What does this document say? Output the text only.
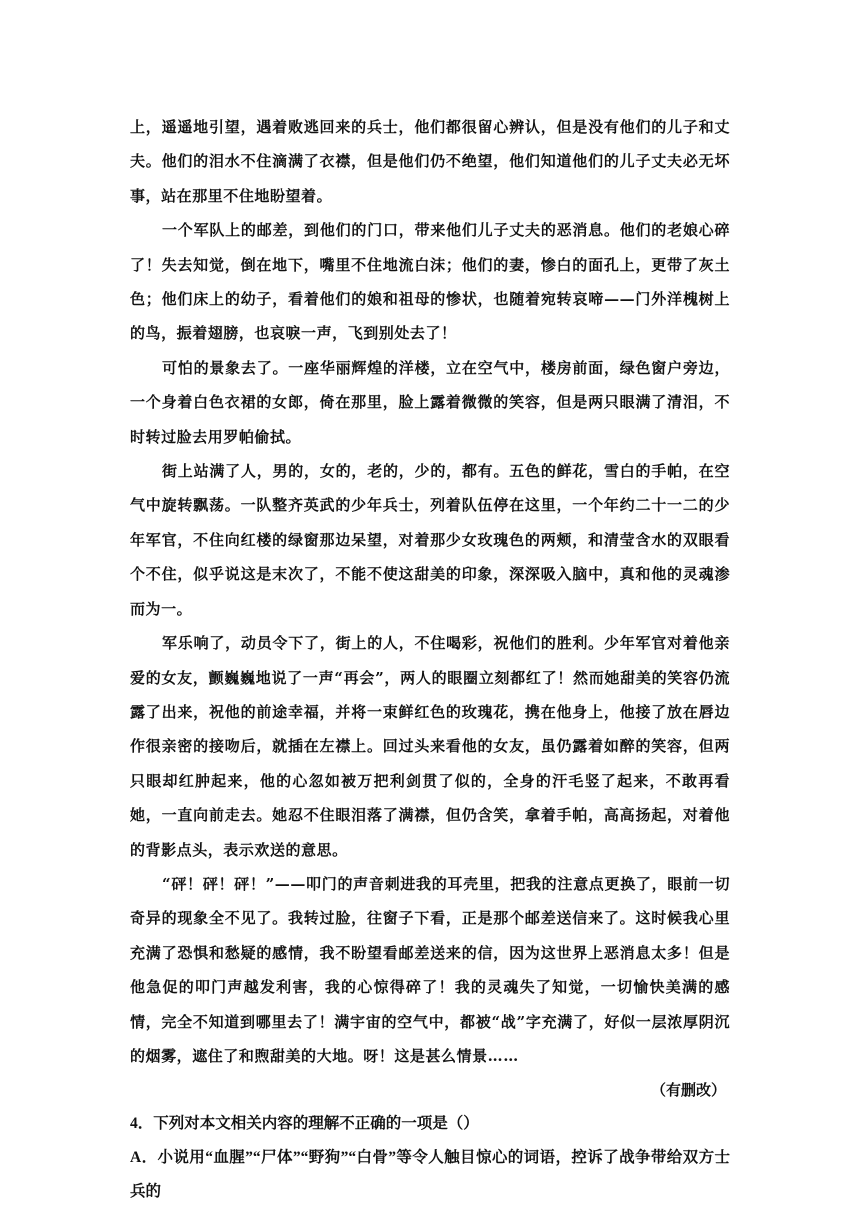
上，遥遥地引望，遇着败逃回来的兵士，他们都很留心辨认，但是没有他们的儿子和丈夫。他们的泪水不住滴满了衣襟，但是他们仍不绝望，他们知道他们的儿子丈夫必无坏事，站在那里不住地盼望着。

一个军队上的邮差，到他们的门口，带来他们儿子丈夫的恶消息。他们的老娘心碎了！失去知觉，倒在地下，嘴里不住地流白沫；他们的妻，惨白的面孔上，更带了灰土色；他们床上的幼子，看着他们的娘和祖母的惨状，也随着宛转哀啼——门外洋槐树上的鸟，振着翅膀，也哀唳一声，飞到别处去了！

可怕的景象去了。一座华丽辉煌的洋楼，立在空气中，楼房前面，绿色窗户旁边，一个身着白色衣裙的女郎，倚在那里，脸上露着微微的笑容，但是两只眼满了清泪，不时转过脸去用罗帕偷拭。

街上站满了人，男的，女的，老的，少的，都有。五色的鲜花，雪白的手帕，在空气中旋转飘荡。一队整齐英武的少年兵士，列着队伍停在这里，一个年约二十一二的少年军官，不住向红楼的绿窗那边呆望，对着那少女玫瑰色的两颊，和清莹含水的双眼看个不住，似乎说这是末次了，不能不使这甜美的印象，深深吸入脑中，真和他的灵魂渗而为一。

军乐响了，动员令下了，街上的人，不住喝彩，祝他们的胜利。少年军官对着他亲爱的女友，颤巍巍地说了一声“再会”，两人的眼圈立刻都红了！然而她甜美的笑容仍流露了出来，祝他的前途幸福，并将一束鲜红色的玫瑰花，携在他身上，他接了放在唇边作很亲密的接吻后，就插在左襟上。回过头来看他的女友，虽仍露着如醉的笑容，但两只眼却红肿起来，他的心忽如被万把利剑贯了似的，全身的汗毛竖了起来，不敢再看她，一直向前走去。她忍不住眼泪落了满襟，但仍含笑，拿着手帕，高高扬起，对着他的背影点头，表示欢送的意思。

“砰！砰！砰！”——叩门的声音刺进我的耳壳里，把我的注意点更换了，眼前一切奇异的现象全不见了。我转过脸，往窗子下看，正是那个邮差送信来了。这时候我心里充满了恐惧和愁疑的感情，我不盼望看邮差送来的信，因为这世界上恶消息太多！但是他急促的叩门声越发利害，我的心惊得碎了！我的灵魂失了知觉，一切愉快美满的感情，完全不知道到哪里去了！满宇宙的空气中，都被“战”字充满了，好似一层浓厚阴沉的烟雾，遮住了和煦甜美的大地。呀！这是甚么情景……

（有删改）

4．下列对本文相关内容的理解不正确的一项是（）

A．小说用“血腥”“尸体”“野狗”“白骨”等令人触目惊心的词语，控诉了战争带给双方士兵的
